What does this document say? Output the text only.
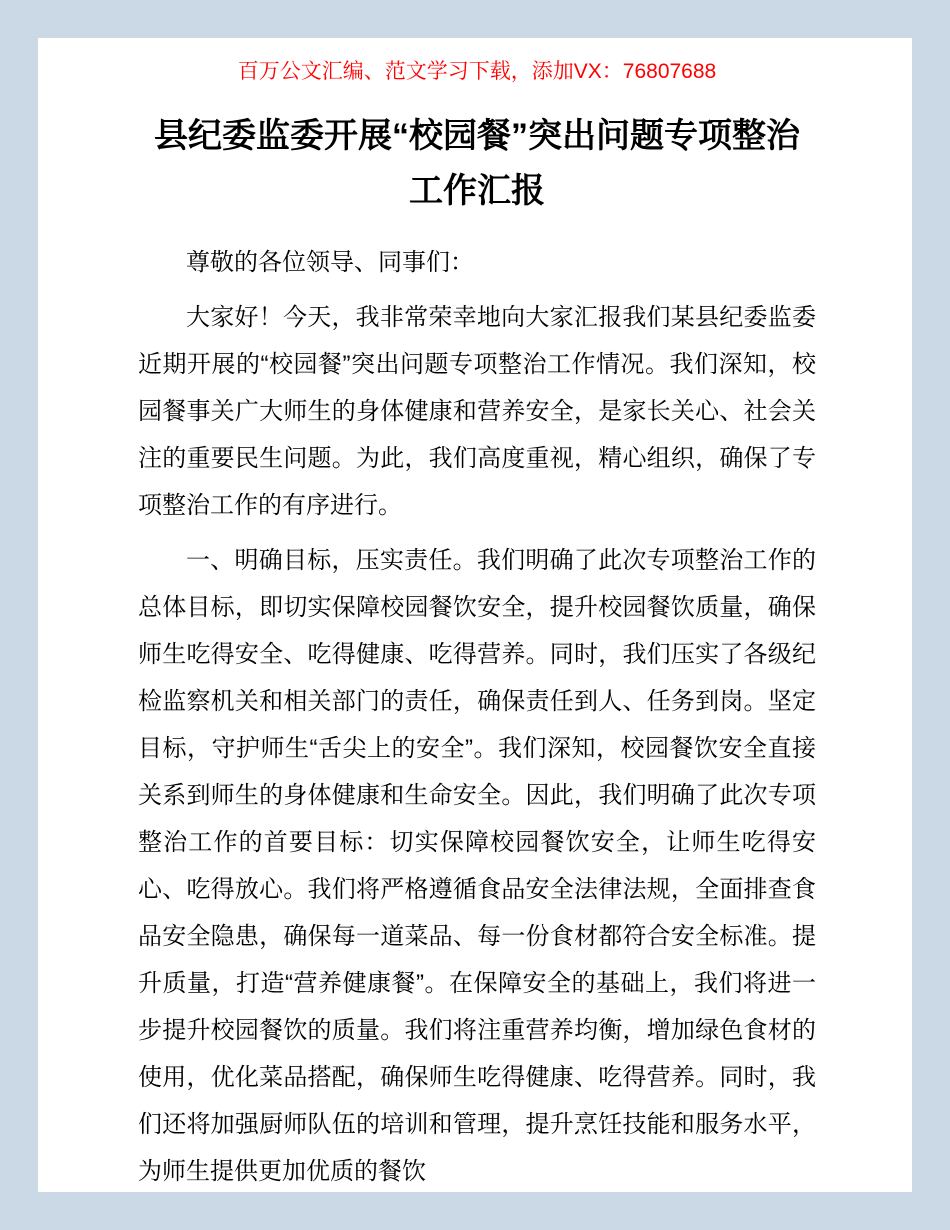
百万公文汇编、范文学习下载，添加VX：76807688

县纪委监委开展“校园餐”突出问题专项整治工作汇报

尊敬的各位领导、同事们：

大家好！今天，我非常荣幸地向大家汇报我们某县纪委监委近期开展的“校园餐”突出问题专项整治工作情况。我们深知，校园餐事关广大师生的身体健康和营养安全，是家长关心、社会关注的重要民生问题。为此，我们高度重视，精心组织，确保了专项整治工作的有序进行。

一、明确目标，压实责任。我们明确了此次专项整治工作的总体目标，即切实保障校园餐饮安全，提升校园餐饮质量，确保师生吃得安全、吃得健康、吃得营养。同时，我们压实了各级纪检监察机关和相关部门的责任，确保责任到人、任务到岗。坚定目标，守护师生“舌尖上的安全”。我们深知，校园餐饮安全直接关系到师生的身体健康和生命安全。因此，我们明确了此次专项整治工作的首要目标：切实保障校园餐饮安全，让师生吃得安心、吃得放心。我们将严格遵循食品安全法律法规，全面排查食品安全隐患，确保每一道菜品、每一份食材都符合安全标准。提升质量，打造“营养健康餐”。在保障安全的基础上，我们将进一步提升校园餐饮的质量。我们将注重营养均衡，增加绿色食材的使用，优化菜品搭配，确保师生吃得健康、吃得营养。同时，我们还将加强厨师队伍的培训和管理，提升烹饪技能和服务水平，为师生提供更加优质的餐饮
